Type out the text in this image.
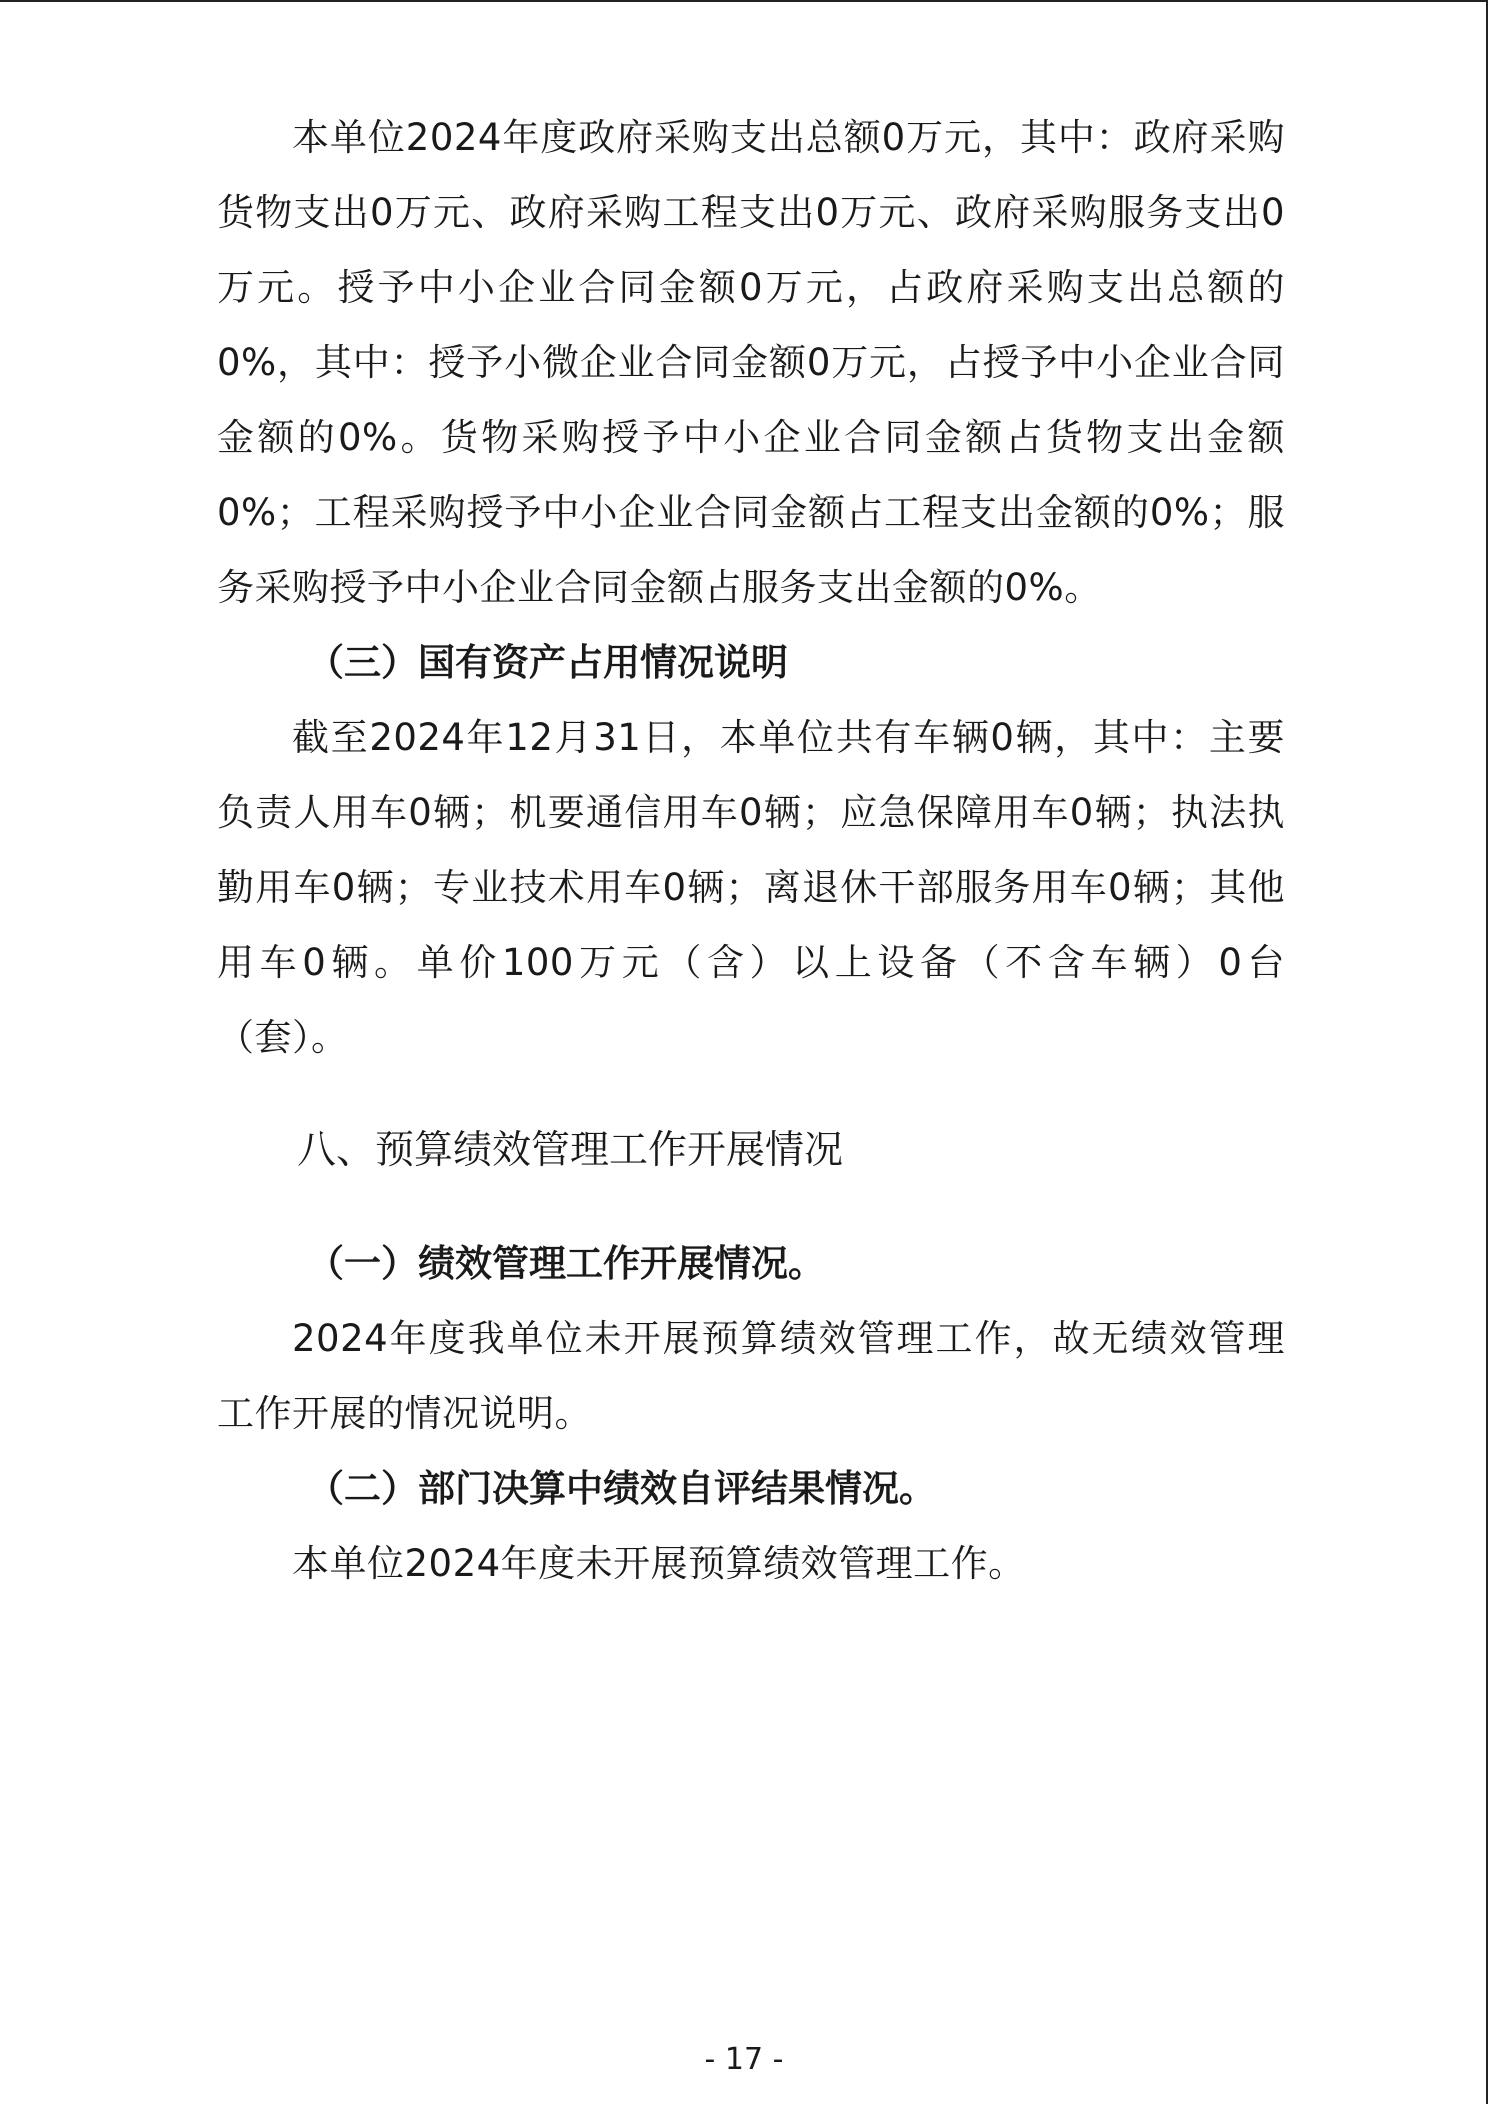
本单位2024年度政府采购支出总额0万元，其中：政府采购货物支出0万元、政府采购工程支出0万元、政府采购服务支出0万元。授予中小企业合同金额0万元，占政府采购支出总额的0%，其中：授予小微企业合同金额0万元，占授予中小企业合同金额的0%。货物采购授予中小企业合同金额占货物支出金额0%；工程采购授予中小企业合同金额占工程支出金额的0%；服务采购授予中小企业合同金额占服务支出金额的0%。

（三）国有资产占用情况说明

截至2024年12月31日，本单位共有车辆0辆，其中：主要负责人用车0辆；机要通信用车0辆；应急保障用车0辆；执法执勤用车0辆；专业技术用车0辆；离退休干部服务用车0辆；其他用车0辆。单价100万元（含）以上设备（不含车辆）0台（套）。

八、预算绩效管理工作开展情况

（一）绩效管理工作开展情况。

2024年度我单位未开展预算绩效管理工作，故无绩效管理工作开展的情况说明。

（二）部门决算中绩效自评结果情况。

本单位2024年度未开展预算绩效管理工作。

- 17 -
